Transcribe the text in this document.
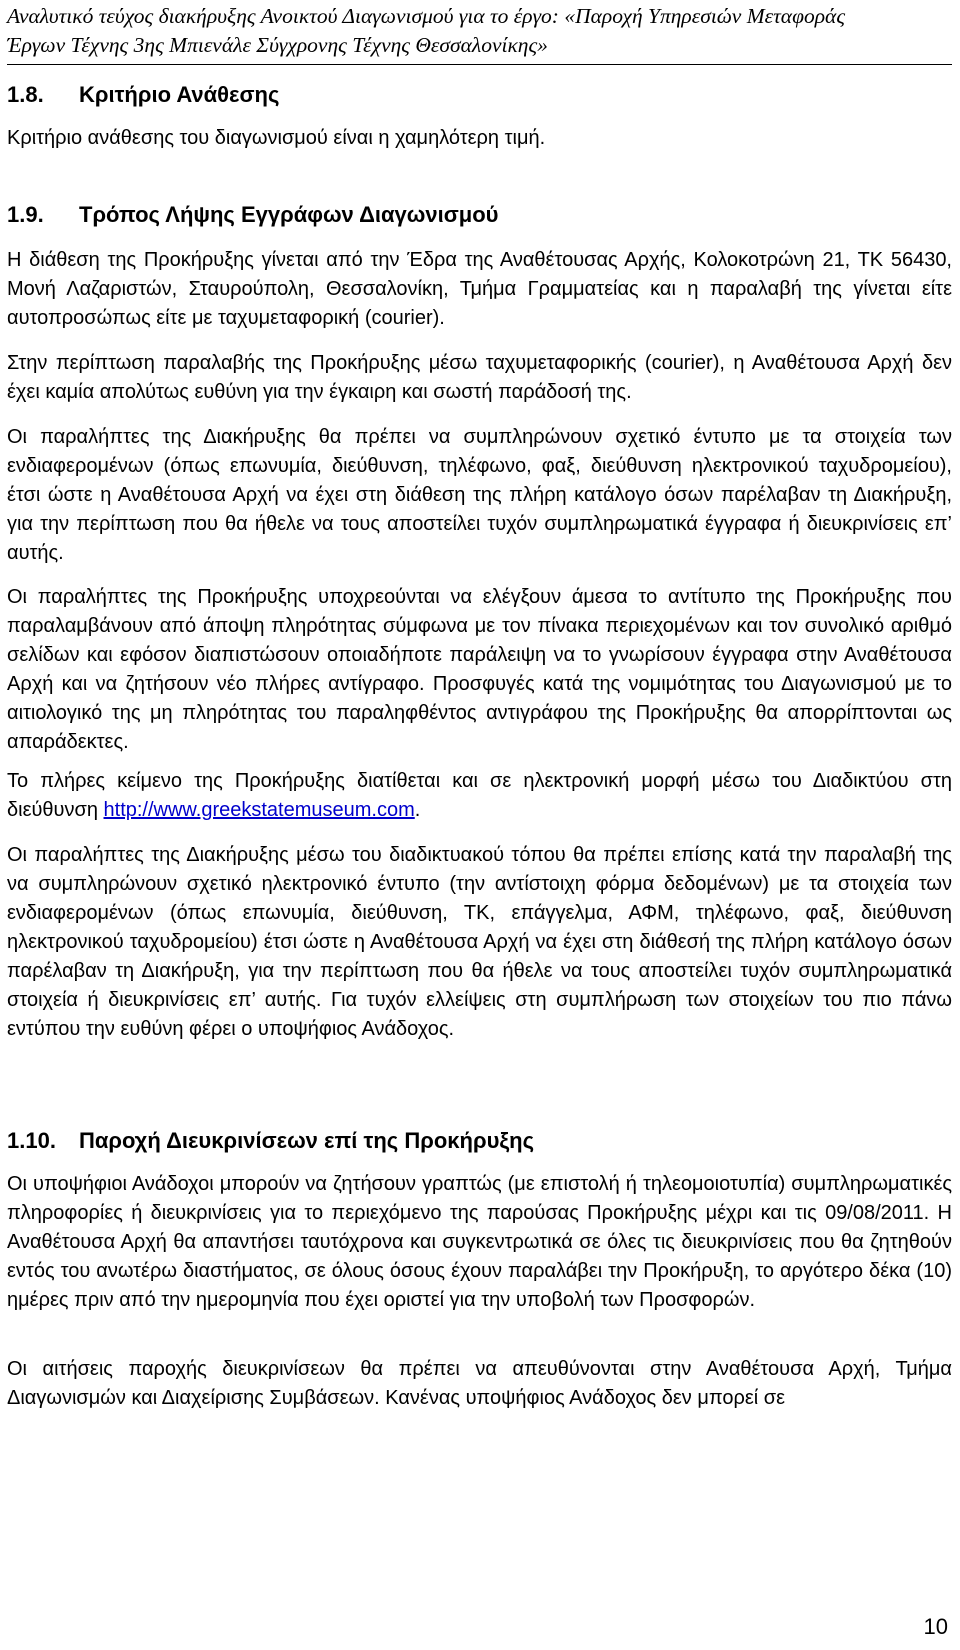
Αναλυτικό τεύχος διακήρυξης Ανοικτού Διαγωνισμού για το έργο: «Παροχή Υπηρεσιών Μεταφοράς
Έργων Τέχνης 3ης Μπιενάλε Σύγχρονης Τέχνης Θεσσαλονίκης»
1.8. Κριτήριο Ανάθεσης
Κριτήριο ανάθεσης του διαγωνισμού είναι η χαμηλότερη τιμή.
1.9. Τρόπος Λήψης Εγγράφων Διαγωνισμού
Η διάθεση της Προκήρυξης γίνεται από την Έδρα της Αναθέτουσας Αρχής, Κολοκοτρώνη 21, ΤΚ 56430, Μονή Λαζαριστών, Σταυρούπολη, Θεσσαλονίκη, Τμήμα Γραμματείας και η παραλαβή της γίνεται είτε αυτοπροσώπως είτε με ταχυμεταφορική (courier).
Στην περίπτωση παραλαβής της Προκήρυξης μέσω ταχυμεταφορικής (courier), η Αναθέτουσα Αρχή δεν έχει καμία απολύτως ευθύνη για την έγκαιρη και σωστή παράδοσή της.
Οι παραλήπτες της Διακήρυξης θα πρέπει να συμπληρώνουν σχετικό έντυπο με τα στοιχεία των ενδιαφερομένων (όπως επωνυμία, διεύθυνση, τηλέφωνο, φαξ, διεύθυνση ηλεκτρονικού ταχυδρομείου), έτσι ώστε η Αναθέτουσα Αρχή να έχει στη διάθεση της πλήρη κατάλογο όσων παρέλαβαν τη Διακήρυξη, για την περίπτωση που θα ήθελε να τους αποστείλει τυχόν συμπληρωματικά έγγραφα ή διευκρινίσεις επ’ αυτής.
Οι παραλήπτες της Προκήρυξης υποχρεούνται να ελέγξουν άμεσα το αντίτυπο της Προκήρυξης που παραλαμβάνουν από άποψη πληρότητας σύμφωνα με τον πίνακα περιεχομένων και τον συνολικό αριθμό σελίδων και εφόσον διαπιστώσουν οποιαδήποτε παράλειψη να το γνωρίσουν έγγραφα στην Αναθέτουσα Αρχή και να ζητήσουν νέο πλήρες αντίγραφο. Προσφυγές κατά της νομιμότητας του Διαγωνισμού με το αιτιολογικό της μη πληρότητας του παραληφθέντος αντιγράφου της Προκήρυξης θα απορρίπτονται ως απαράδεκτες.
Το πλήρες κείμενο της Προκήρυξης διατίθεται και σε ηλεκτρονική μορφή μέσω του Διαδικτύου στη διεύθυνση http://www.greekstatemuseum.com.
Οι παραλήπτες της Διακήρυξης μέσω του διαδικτυακού τόπου θα πρέπει επίσης κατά την παραλαβή της να συμπληρώνουν σχετικό ηλεκτρονικό έντυπο (την αντίστοιχη φόρμα δεδομένων) με τα στοιχεία των ενδιαφερομένων (όπως επωνυμία, διεύθυνση, ΤΚ, επάγγελμα, ΑΦΜ, τηλέφωνο, φαξ, διεύθυνση ηλεκτρονικού ταχυδρομείου) έτσι ώστε η Αναθέτουσα Αρχή να έχει στη διάθεσή της πλήρη κατάλογο όσων παρέλαβαν τη Διακήρυξη, για την περίπτωση που θα ήθελε να τους αποστείλει τυχόν συμπληρωματικά στοιχεία ή διευκρινίσεις επ’ αυτής. Για τυχόν ελλείψεις στη συμπλήρωση των στοιχείων του πιο πάνω εντύπου την ευθύνη φέρει ο υποψήφιος Ανάδοχος.
1.10. Παροχή Διευκρινίσεων επί της Προκήρυξης
Οι υποψήφιοι Ανάδοχοι μπορούν να ζητήσουν γραπτώς (με επιστολή ή τηλεομοιοτυπία) συμπληρωματικές πληροφορίες ή διευκρινίσεις για το περιεχόμενο της παρούσας Προκήρυξης μέχρι και τις 09/08/2011. Η Αναθέτουσα Αρχή θα απαντήσει ταυτόχρονα και συγκεντρωτικά σε όλες τις διευκρινίσεις που θα ζητηθούν εντός του ανωτέρω διαστήματος, σε όλους όσους έχουν παραλάβει την Προκήρυξη, το αργότερο δέκα (10) ημέρες πριν από την ημερομηνία που έχει οριστεί για την υποβολή των Προσφορών.
Οι αιτήσεις παροχής διευκρινίσεων θα πρέπει να απευθύνονται στην Αναθέτουσα Αρχή, Τμήμα Διαγωνισμών και Διαχείρισης Συμβάσεων. Κανένας υποψήφιος Ανάδοχος δεν μπορεί σε
10
